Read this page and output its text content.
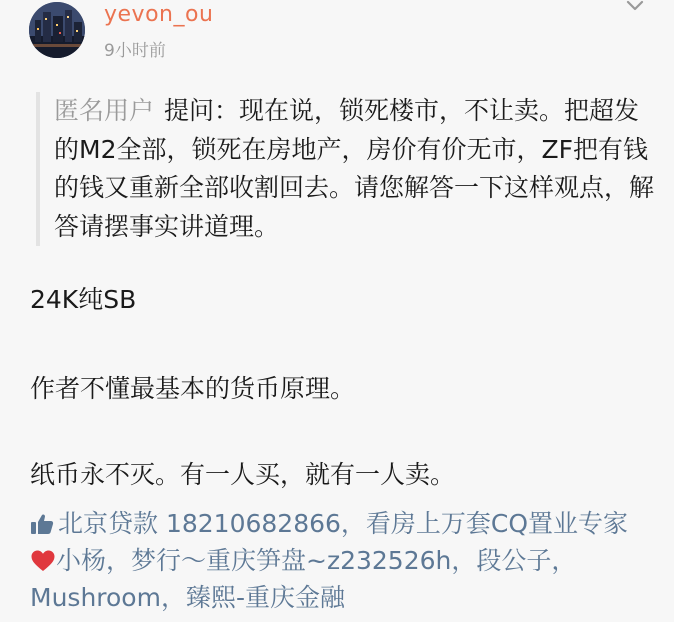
yevon_ou
9小时前
匿名用户 提问：现在说，锁死楼市，不让卖。把超发的M2全部，锁死在房地产，房价有价无市，ZF把有钱的钱又重新全部收割回去。请您解答一下这样观点，解答请摆事实讲道理。
24K纯SB
作者不懂最基本的货币原理。
纸币永不灭。有一人买，就有一人卖。
北京贷款 18210682866，看房上万套CQ置业专家小杨，梦行～重庆笋盘~z232526h，段公子，Mushroom，臻熙-重庆金融
